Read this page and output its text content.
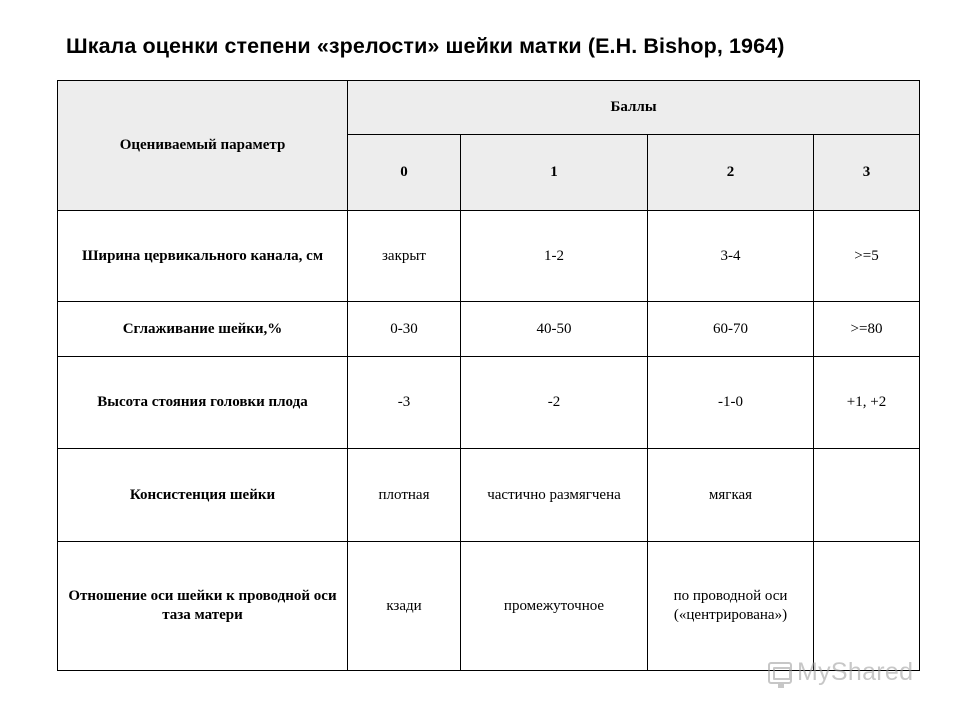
Шкала оценки степени «зрелости» шейки матки (E.H. Bishop, 1964)
Оцениваемый параметр	Баллы			
	0	1	2	3
Ширина цервикального канала, см	закрыт	1-2	3-4	>=5
Сглаживание шейки,%	0-30	40-50	60-70	>=80
Высота стояния головки плода	-3	-2	-1-0	+1, +2
Консистенция шейки	плотная	частично размягчена	мягкая	
Отношение оси шейки к проводной оси таза матери	кзади	промежуточное	по проводной оси («центрирована»)	
MyShared
